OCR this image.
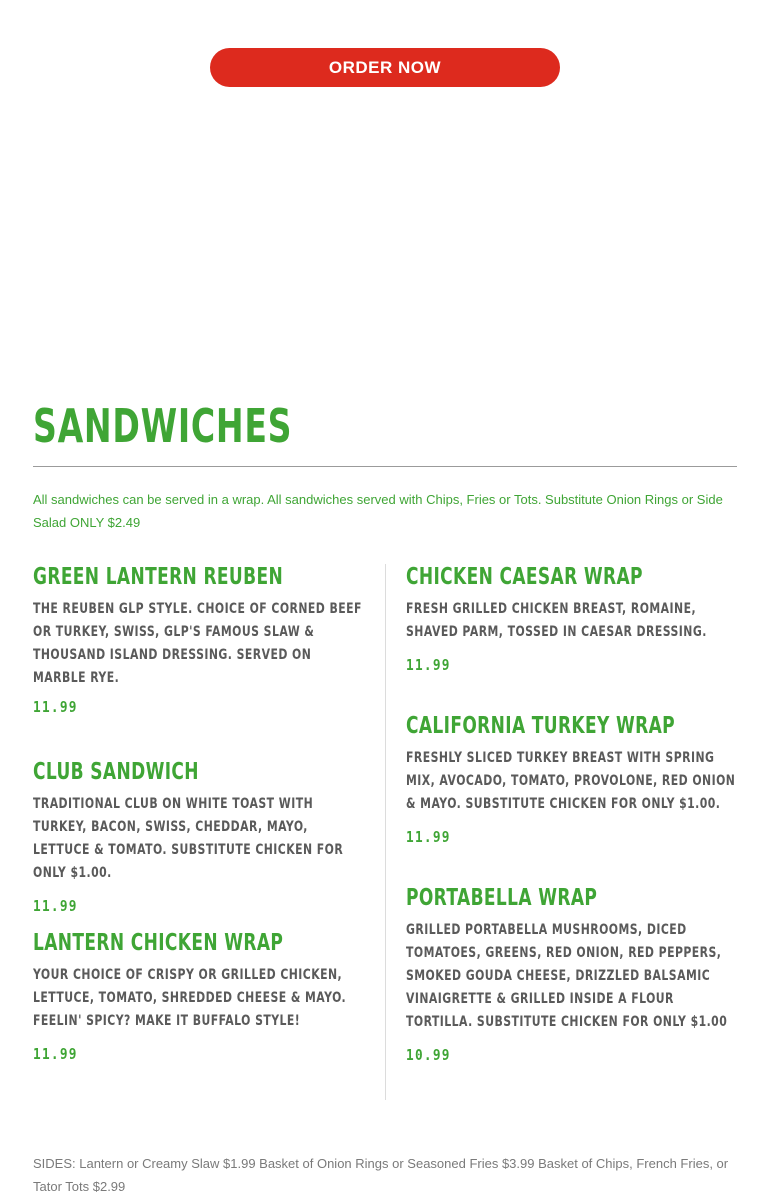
ORDER NOW
SANDWICHES
All sandwiches can be served in a wrap. All sandwiches served with Chips, Fries or Tots. Substitute Onion Rings or Side Salad ONLY $2.49
GREEN LANTERN REUBEN
THE REUBEN GLP STYLE. CHOICE OF CORNED BEEF OR TURKEY, SWISS, GLP'S FAMOUS SLAW & THOUSAND ISLAND DRESSING. SERVED ON MARBLE RYE.
11.99
CLUB SANDWICH
TRADITIONAL CLUB ON WHITE TOAST WITH TURKEY, BACON, SWISS, CHEDDAR, MAYO, LETTUCE & TOMATO. SUBSTITUTE CHICKEN FOR ONLY $1.00.
11.99
LANTERN CHICKEN WRAP
YOUR CHOICE OF CRISPY OR GRILLED CHICKEN, LETTUCE, TOMATO, SHREDDED CHEESE & MAYO. FEELIN' SPICY? MAKE IT BUFFALO STYLE!
11.99
CHICKEN CAESAR WRAP
FRESH GRILLED CHICKEN BREAST, ROMAINE, SHAVED PARM, TOSSED IN CAESAR DRESSING.
11.99
CALIFORNIA TURKEY WRAP
FRESHLY SLICED TURKEY BREAST WITH SPRING MIX, AVOCADO, TOMATO, PROVOLONE, RED ONION & MAYO. SUBSTITUTE CHICKEN FOR ONLY $1.00.
11.99
PORTABELLA WRAP
GRILLED PORTABELLA MUSHROOMS, DICED TOMATOES, GREENS, RED ONION, RED PEPPERS, SMOKED GOUDA CHEESE, DRIZZLED BALSAMIC VINAIGRETTE & GRILLED INSIDE A FLOUR TORTILLA. SUBSTITUTE CHICKEN FOR ONLY $1.00
10.99
SIDES: Lantern or Creamy Slaw $1.99 Basket of Onion Rings or Seasoned Fries $3.99 Basket of Chips, French Fries, or Tator Tots $2.99
